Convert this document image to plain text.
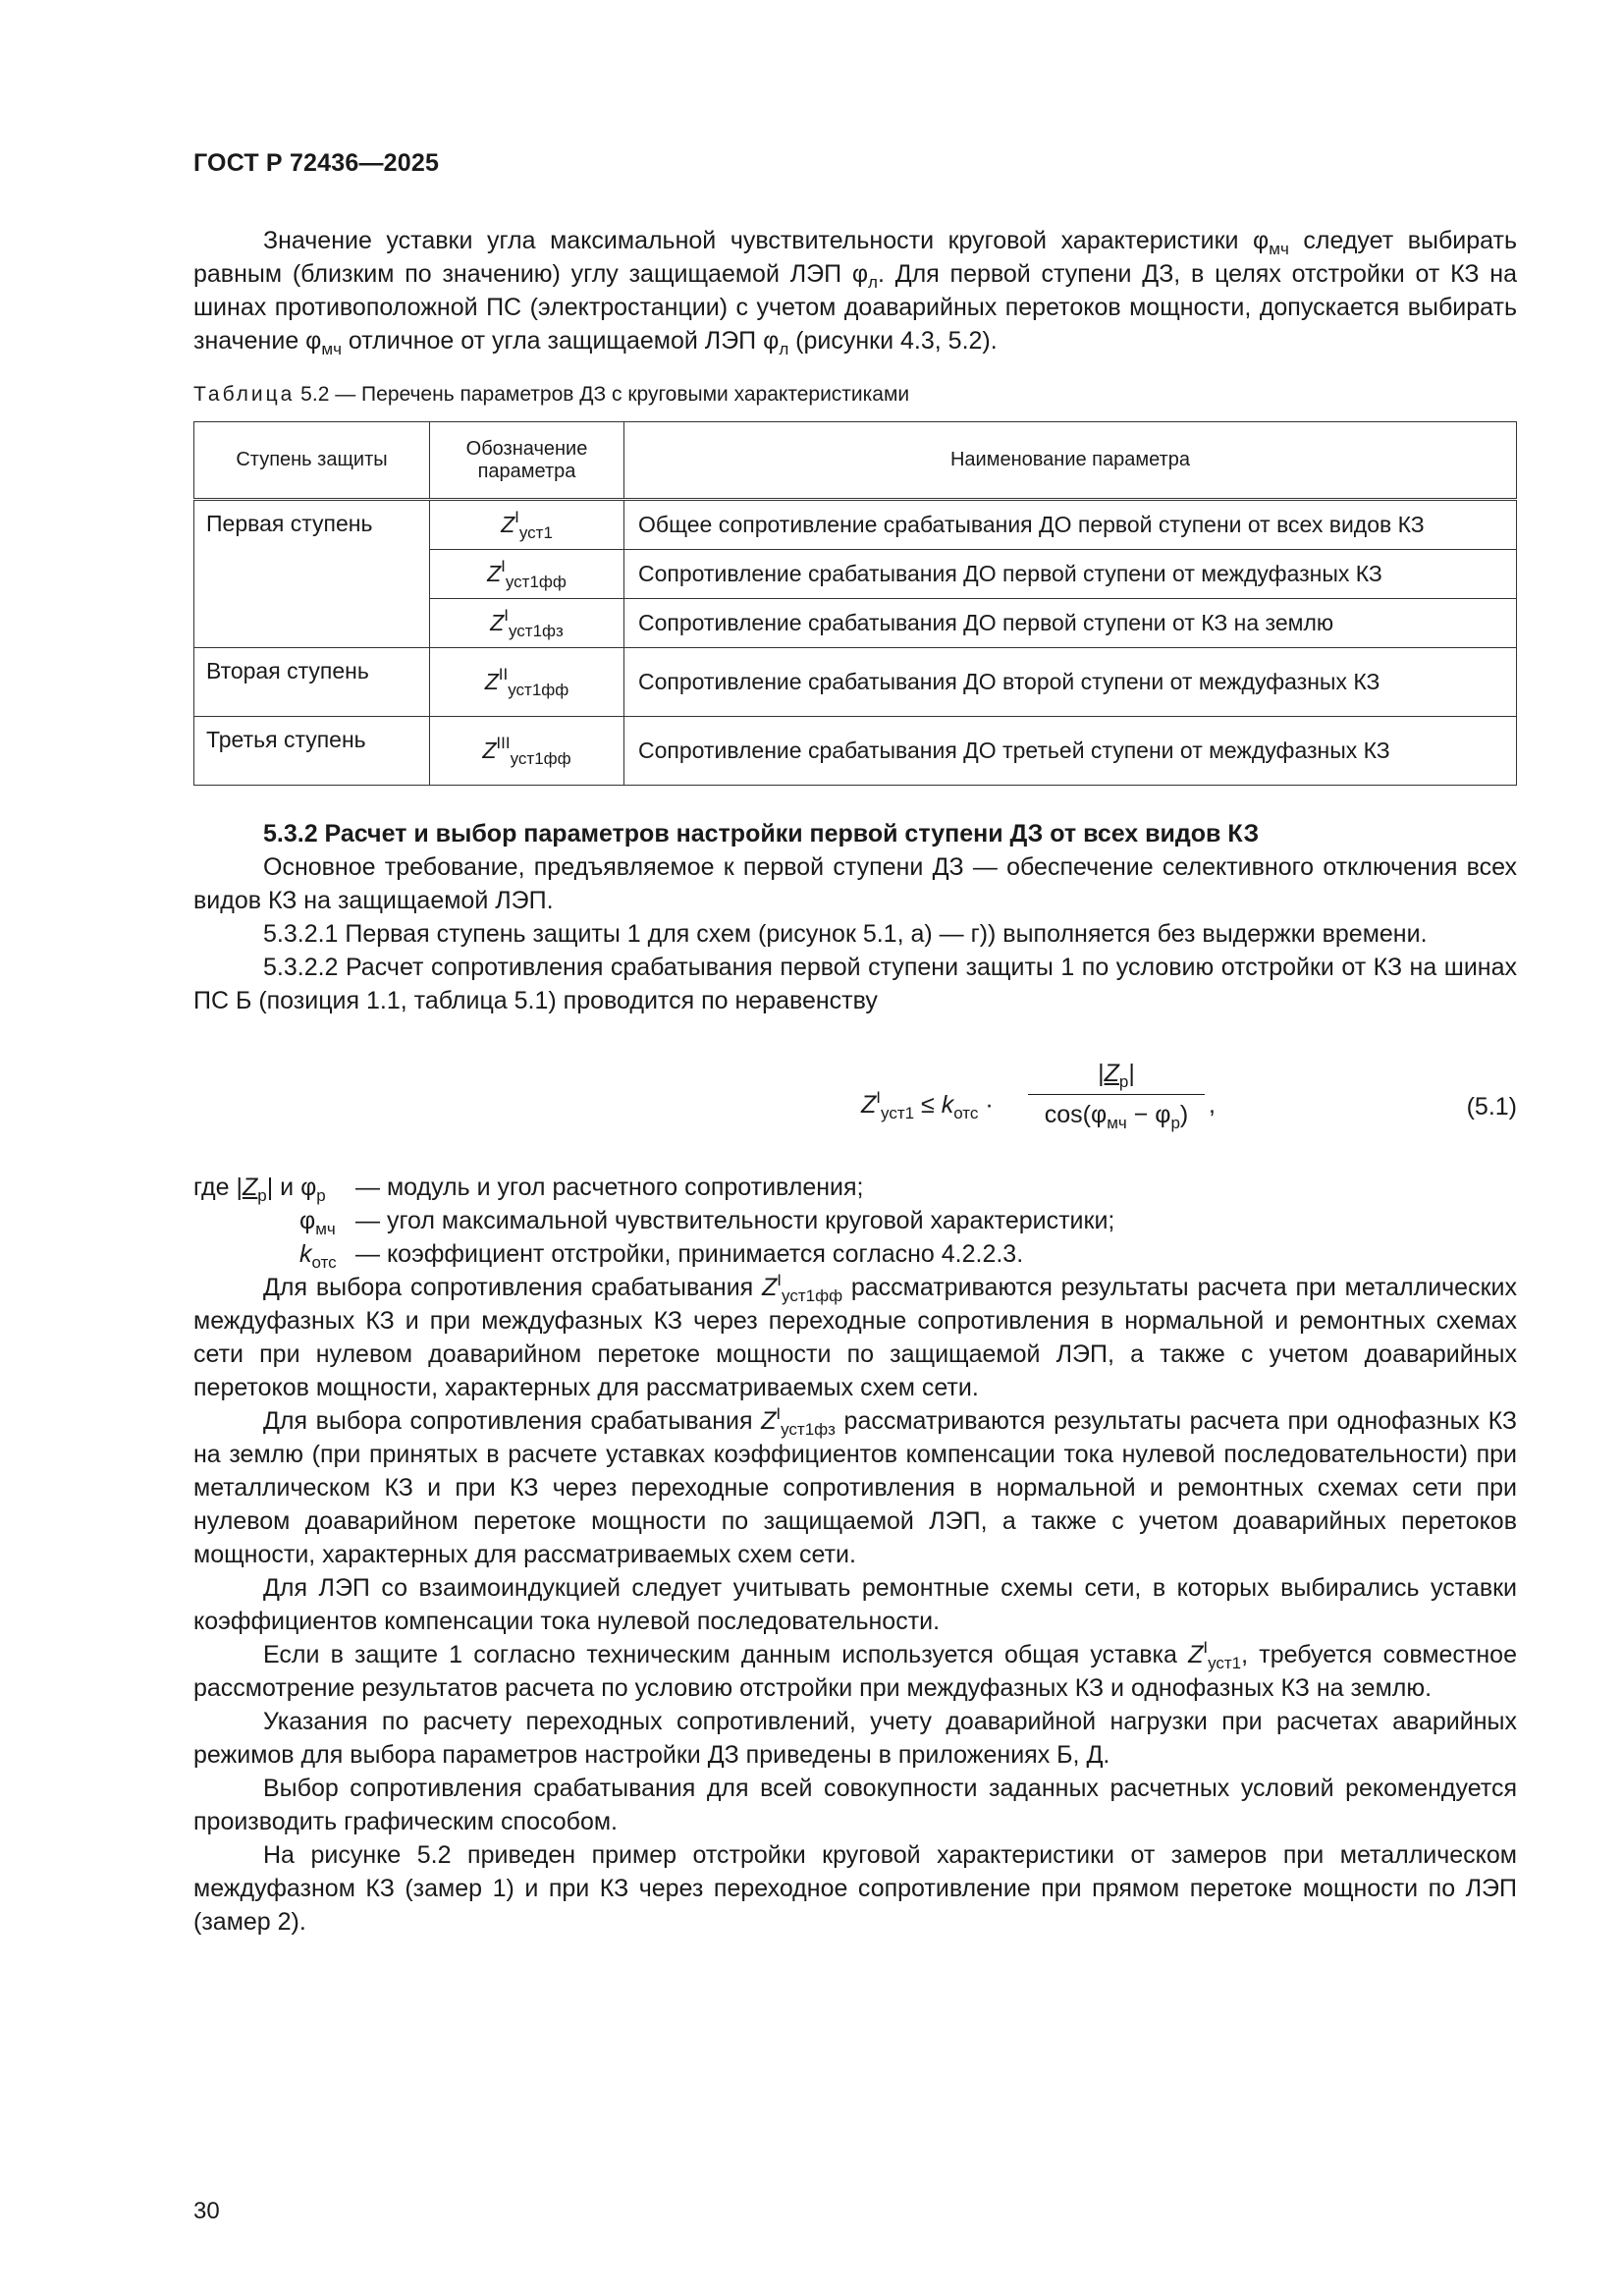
ГОСТ Р 72436—2025

Значение уставки угла максимальной чувствительности круговой характеристики $\varphi_{мч}$ следует выбирать равным (близким по значению) углу защищаемой ЛЭП $\varphi_л$. Для первой ступени ДЗ, в целях отстройки от КЗ на шинах противоположной ПС (электростанции) с учетом доаварийных перетоков мощности, допускается выбирать значение $\varphi_{мч}$ отличное от угла защищаемой ЛЭП $\varphi_л$ (рисунки 4.3, 5.2).

Таблица 5.2 — Перечень параметров ДЗ с круговыми характеристиками
Ступень защиты	Обозначение параметра	Наименование параметра
Первая ступень	$Z^I_{уст1}$	Общее сопротивление срабатывания ДО первой ступени от всех видов КЗ
	$Z^I_{уст1фф}$	Сопротивление срабатывания ДО первой ступени от междуфазных КЗ
	$Z^I_{уст1фз}$	Сопротивление срабатывания ДО первой ступени от КЗ на землю
Вторая ступень	$Z^{II}_{уст1фф}$	Сопротивление срабатывания ДО второй ступени от междуфазных КЗ
Третья ступень	$Z^{III}_{уст1фф}$	Сопротивление срабатывания ДО третьей ступени от междуфазных КЗ

5.3.2 Расчет и выбор параметров настройки первой ступени ДЗ от всех видов КЗ

Основное требование, предъявляемое к первой ступени ДЗ — обеспечение селективного отключения всех видов КЗ на защищаемой ЛЭП.

5.3.2.1 Первая ступень защиты 1 для схем (рисунок 5.1, а) — г)) выполняется без выдержки времени.

5.3.2.2 Расчет сопротивления срабатывания первой ступени защиты 1 по условию отстройки от КЗ на шинах ПС Б (позиция 1.1, таблица 5.1) проводится по неравенству

$Z^I_{уст1} \le k_{отс}$ ·
$|Z_р|$
$\cos(\varphi_{мч} - \varphi_р)$ ,	(5.1)
где $|Z_р|$ и $\varphi_р$ — модуль и угол расчетного сопротивления;
$\varphi_{мч}$ — угол максимальной чувствительности круговой характеристики;
$k_{отс}$ — коэффициент отстройки, принимается согласно 4.2.2.3.

Для выбора сопротивления срабатывания $Z^I_{уст1фф}$ рассматриваются результаты расчета при металлических междуфазных КЗ и при междуфазных КЗ через переходные сопротивления в нормальной и ремонтных схемах сети при нулевом доаварийном перетоке мощности по защищаемой ЛЭП, а также с учетом доаварийных перетоков мощности, характерных для рассматриваемых схем сети.

Для выбора сопротивления срабатывания $Z^I_{уст1фз}$ рассматриваются результаты расчета при однофазных КЗ на землю (при принятых в расчете уставках коэффициентов компенсации тока нулевой последовательности) при металлическом КЗ и при КЗ через переходные сопротивления в нормальной и ремонтных схемах сети при нулевом доаварийном перетоке мощности по защищаемой ЛЭП, а также с учетом доаварийных перетоков мощности, характерных для рассматриваемых схем сети.

Для ЛЭП со взаимоиндукцией следует учитывать ремонтные схемы сети, в которых выбирались уставки коэффициентов компенсации тока нулевой последовательности.

Если в защите 1 согласно техническим данным используется общая уставка $Z^I_{уст1}$, требуется совместное рассмотрение результатов расчета по условию отстройки при междуфазных КЗ и однофазных КЗ на землю.

Указания по расчету переходных сопротивлений, учету доаварийной нагрузки при расчетах аварийных режимов для выбора параметров настройки ДЗ приведены в приложениях Б, Д.

Выбор сопротивления срабатывания для всей совокупности заданных расчетных условий рекомендуется производить графическим способом.

На рисунке 5.2 приведен пример отстройки круговой характеристики от замеров при металлическом междуфазном КЗ (замер 1) и при КЗ через переходное сопротивление при прямом перетоке мощности по ЛЭП (замер 2).

30
